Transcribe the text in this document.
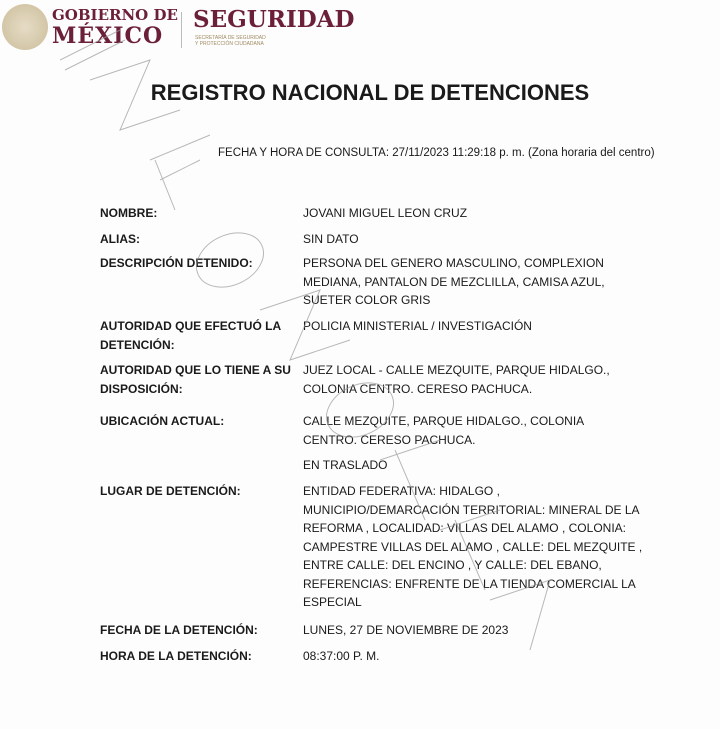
GOBIERNO DE
MÉXICO
SEGURIDAD
SECRETARÍA DE SEGURIDAD
Y PROTECCIÓN CIUDADANA
REGISTRO NACIONAL DE DETENCIONES
FECHA Y HORA DE CONSULTA: 27/11/2023 11:29:18 p. m. (Zona horaria del centro)
NOMBRE:	JOVANI MIGUEL LEON CRUZ
ALIAS:	SIN DATO
DESCRIPCIÓN DETENIDO:	PERSONA DEL GENERO MASCULINO, COMPLEXION MEDIANA, PANTALON DE MEZCLILLA, CAMISA AZUL, SUETER COLOR GRIS
AUTORIDAD QUE EFECTUÓ LA DETENCIÓN:
POLICIA MINISTERIAL / INVESTIGACIÓN
AUTORIDAD QUE LO TIENE A SU DISPOSICIÓN:
JUEZ LOCAL - CALLE MEZQUITE, PARQUE HIDALGO., COLONIA CENTRO. CERESO PACHUCA.
UBICACIÓN ACTUAL:	CALLE MEZQUITE, PARQUE HIDALGO., COLONIA CENTRO. CERESO PACHUCA.
EN TRASLADO
LUGAR DE DETENCIÓN:	ENTIDAD FEDERATIVA: HIDALGO , MUNICIPIO/DEMARCACIÓN TERRITORIAL: MINERAL DE LA REFORMA , LOCALIDAD: VILLAS DEL ALAMO , COLONIA: CAMPESTRE VILLAS DEL ALAMO , CALLE: DEL MEZQUITE , ENTRE CALLE: DEL ENCINO , Y CALLE: DEL EBANO, REFERENCIAS: ENFRENTE DE LA TIENDA COMERCIAL LA ESPECIAL
FECHA DE LA DETENCIÓN:	LUNES, 27 DE NOVIEMBRE DE 2023
HORA DE LA DETENCIÓN:	08:37:00 P. M.
